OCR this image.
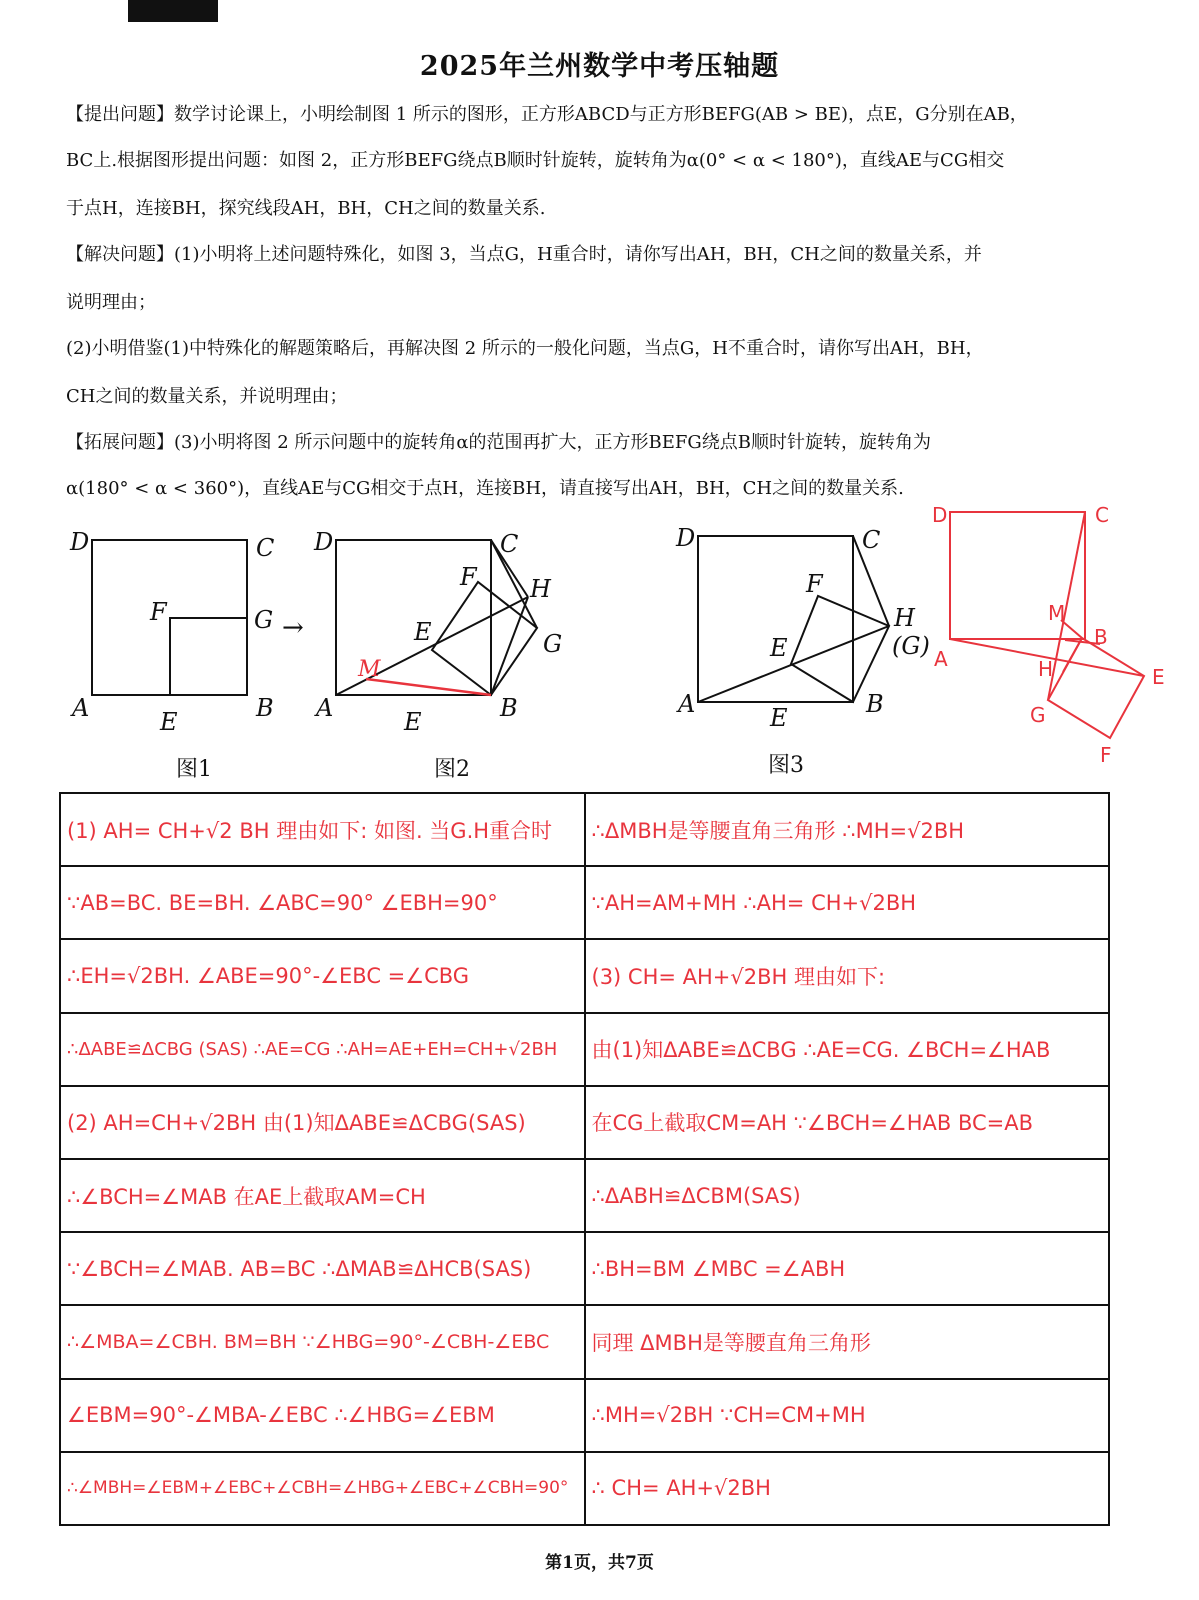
2025年兰州数学中考压轴题
【提出问题】数学讨论课上，小明绘制图 1 所示的图形，正方形ABCD与正方形BEFG(AB > BE)，点E，G分别在AB，
BC上.根据图形提出问题：如图 2，正方形BEFG绕点B顺时针旋转，旋转角为α(0° < α < 180°)，直线AE与CG相交
于点H，连接BH，探究线段AH，BH，CH之间的数量关系.
【解决问题】(1)小明将上述问题特殊化，如图 3，当点G，H重合时，请你写出AH，BH，CH之间的数量关系，并
说明理由；
(2)小明借鉴(1)中特殊化的解题策略后，再解决图 2 所示的一般化问题，当点G，H不重合时，请你写出AH，BH，
CH之间的数量关系，并说明理由；
【拓展问题】(3)小明将图 2 所示问题中的旋转角α的范围再扩大，正方形BEFG绕点B顺时针旋转，旋转角为
α(180° < α < 360°)，直线AE与CG相交于点H，连接BH，请直接写出AH，BH，CH之间的数量关系.
D	C
F	G
A	E	B
图1
→
D	C
F H
E	G
M
A	E	B
图2
D	C
F
H
(G)
E
A	E	B
图3
D	C
M
B
A	H	E
G
F
(1) AH= CH+√2 BH 理由如下: 如图. 当G.H重合时	∴ΔMBH是等腰直角三角形 ∴MH=√2BH
∵AB=BC. BE=BH. ∠ABC=90° ∠EBH=90°	∵AH=AM+MH ∴AH= CH+√2BH
∴EH=√2BH. ∠ABE=90°-∠EBC =∠CBG	(3) CH= AH+√2BH 理由如下:
∴ΔABE≌ΔCBG (SAS) ∴AE=CG ∴AH=AE+EH=CH+√2BH	由(1)知ΔABE≌ΔCBG ∴AE=CG. ∠BCH=∠HAB
(2) AH=CH+√2BH 由(1)知ΔABE≌ΔCBG(SAS)	在CG上截取CM=AH ∵∠BCH=∠HAB BC=AB
∴∠BCH=∠MAB 在AE上截取AM=CH	∴ΔABH≌ΔCBM(SAS)
∵∠BCH=∠MAB. AB=BC ∴ΔMAB≌ΔHCB(SAS)	∴BH=BM ∠MBC =∠ABH
∴∠MBA=∠CBH. BM=BH ∵∠HBG=90°-∠CBH-∠EBC	同理 ΔMBH是等腰直角三角形
∠EBM=90°-∠MBA-∠EBC ∴∠HBG=∠EBM	∴MH=√2BH ∵CH=CM+MH
∴∠MBH=∠EBM+∠EBC+∠CBH=∠HBG+∠EBC+∠CBH=90°	∴ CH= AH+√2BH
第1页，共7页
